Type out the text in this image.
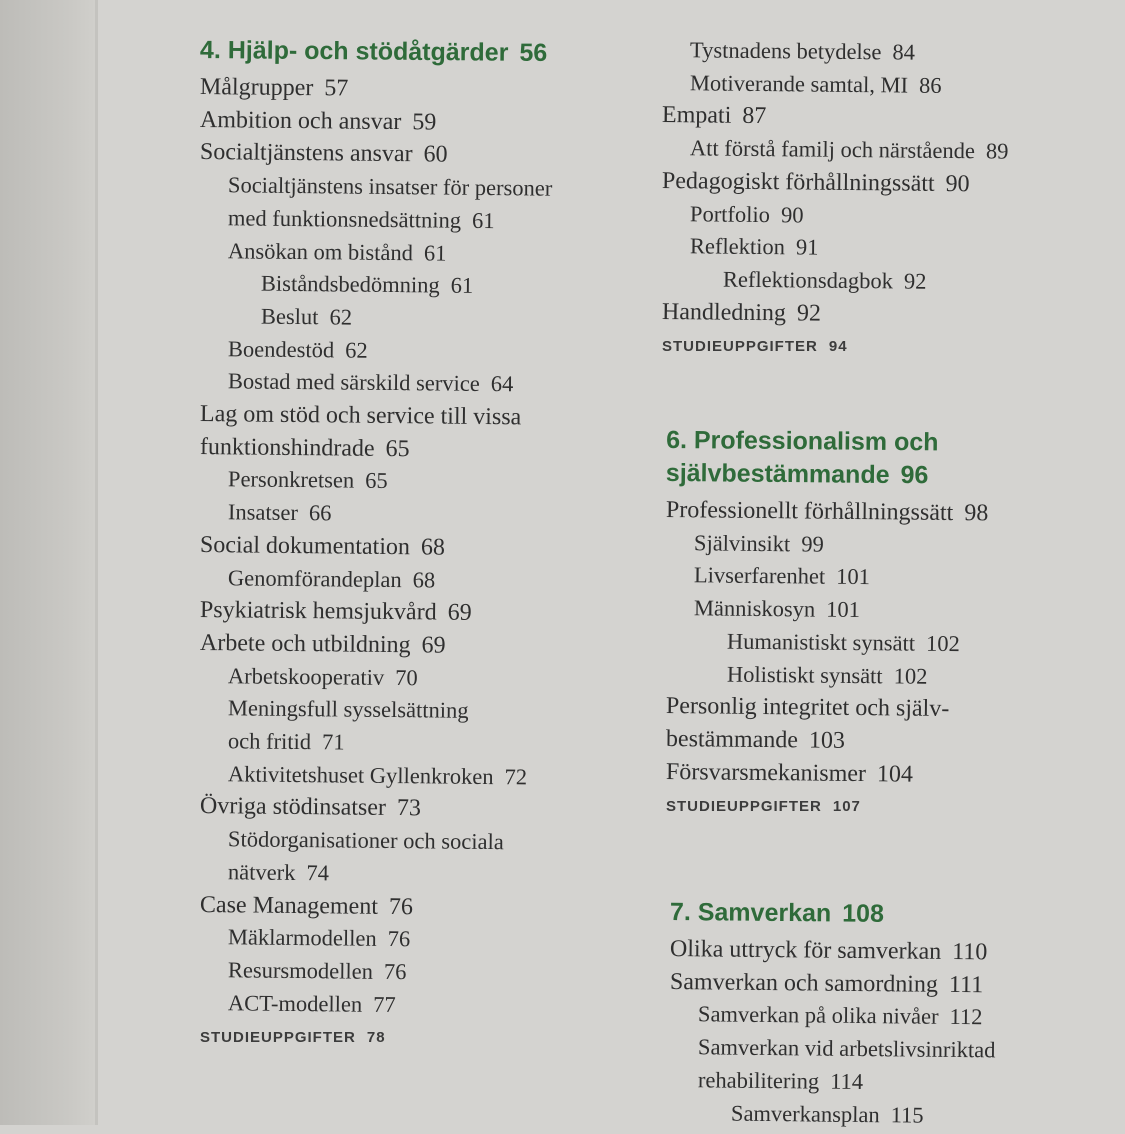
4. Hjälp- och stödåtgärder 56
Målgrupper 57
Ambition och ansvar 59
Socialtjänstens ansvar 60
Socialtjänstens insatser för personer
med funktionsnedsättning 61
Ansökan om bistånd 61
Biståndsbedömning 61
Beslut 62
Boendestöd 62
Bostad med särskild service 64
Lag om stöd och service till vissa
funktionshindrade 65
Personkretsen 65
Insatser 66
Social dokumentation 68
Genomförandeplan 68
Psykiatrisk hemsjukvård 69
Arbete och utbildning 69
Arbetskooperativ 70
Meningsfull sysselsättning
och fritid 71
Aktivitetshuset Gyllenkroken 72
Övriga stödinsatser 73
Stödorganisationer och sociala
nätverk 74
Case Management 76
Mäklarmodellen 76
Resursmodellen 76
ACT-modellen 77
STUDIEUPPGIFTER 78
Tystnadens betydelse 84
Motiverande samtal, MI 86
Empati 87
Att förstå familj och närstående 89
Pedagogiskt förhållningssätt 90
Portfolio 90
Reflektion 91
Reflektionsdagbok 92
Handledning 92
STUDIEUPPGIFTER 94
6. Professionalism och
självbestämmande 96
Professionellt förhållningssätt 98
Självinsikt 99
Livserfarenhet 101
Människosyn 101
Humanistiskt synsätt 102
Holistiskt synsätt 102
Personlig integritet och själv-
bestämmande 103
Försvarsmekanismer 104
STUDIEUPPGIFTER 107
7. Samverkan 108
Olika uttryck för samverkan 110
Samverkan och samordning 111
Samverkan på olika nivåer 112
Samverkan vid arbetslivsinriktad
rehabilitering 114
Samverkansplan 115
